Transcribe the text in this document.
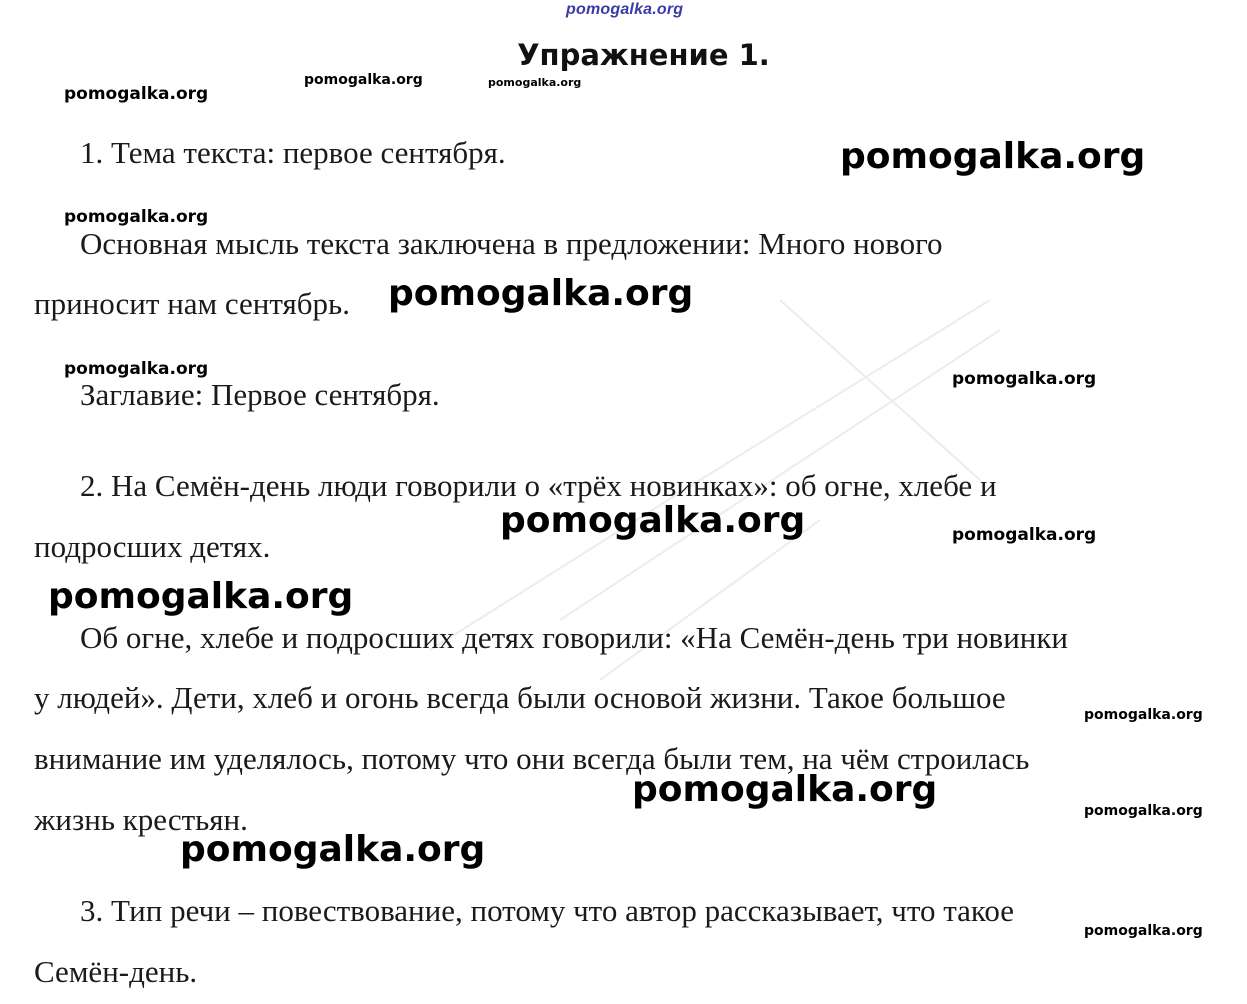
pomogalka.org
Упражнение 1.
pomogalka.org
pomogalka.org	pomogalka.org
pomogalka.org
pomogalka.org
pomogalka.org	pomogalka.org
pomogalka.org
pomogalka.org
pomogalka.org
pomogalka.org
1. Тема текста: первое сентября.
Основная мысль текста заключена в предложении: Много нового
приносит нам сентябрь.
Заглавие: Первое сентября.
2. На Семён-день люди говорили о «трёх новинках»: об огне, хлебе и
подросших детях.
Об огне, хлебе и подросших детях говорили: «На Семён-день три новинки
у людей». Дети, хлеб и огонь всегда были основой жизни. Такое большое
внимание им уделялось, потому что они всегда были тем, на чём строилась
жизнь крестьян.
3. Тип речи – повествование, потому что автор рассказывает, что такое
Семён-день.
pomogalka.org
pomogalka.org
pomogalka.org
pomogalka.org
pomogalka.org
